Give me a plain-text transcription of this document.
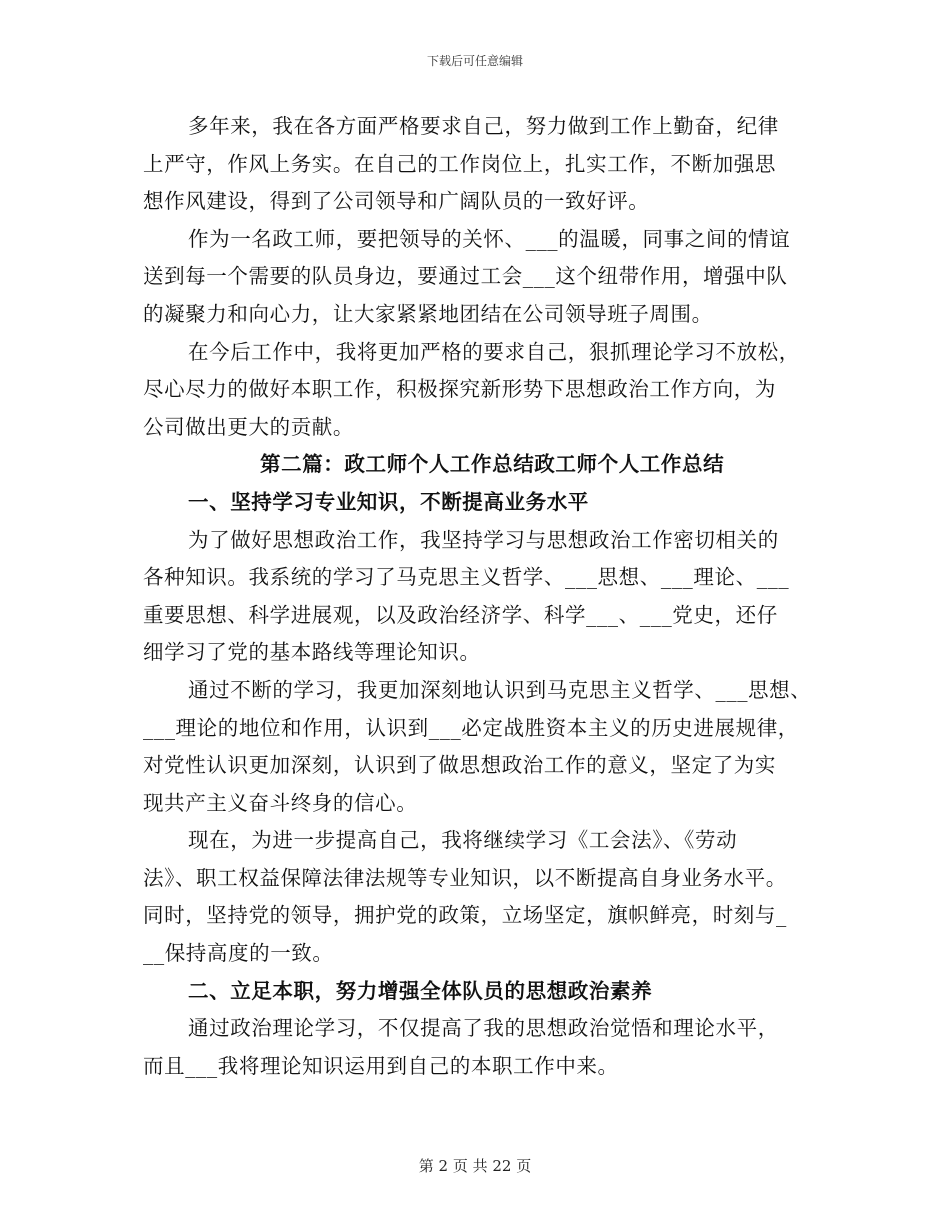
下载后可任意编辑

多年来，我在各方面严格要求自己，努力做到工作上勤奋，纪律
上严守，作风上务实。在自己的工作岗位上，扎实工作，不断加强思
想作风建设，得到了公司领导和广阔队员的一致好评。

作为一名政工师，要把领导的关怀、___的温暖，同事之间的情谊
送到每一个需要的队员身边，要通过工会___这个纽带作用，增强中队
的凝聚力和向心力，让大家紧紧地团结在公司领导班子周围。

在今后工作中，我将更加严格的要求自己，狠抓理论学习不放松，
尽心尽力的做好本职工作，积极探究新形势下思想政治工作方向，为
公司做出更大的贡献。

第二篇：政工师个人工作总结政工师个人工作总结
一、坚持学习专业知识，不断提高业务水平

为了做好思想政治工作，我坚持学习与思想政治工作密切相关的
各种知识。我系统的学习了马克思主义哲学、___思想、___理论、___
重要思想、科学进展观，以及政治经济学、科学___、___党史，还仔
细学习了党的基本路线等理论知识。

通过不断的学习，我更加深刻地认识到马克思主义哲学、___思想、
___理论的地位和作用，认识到___必定战胜资本主义的历史进展规律，
对党性认识更加深刻，认识到了做思想政治工作的意义，坚定了为实
现共产主义奋斗终身的信心。

现在，为进一步提高自己，我将继续学习《工会法》、《劳动
法》、职工权益保障法律法规等专业知识，以不断提高自身业务水平。
同时，坚持党的领导，拥护党的政策，立场坚定，旗帜鲜亮，时刻与_
__保持高度的一致。

二、立足本职，努力增强全体队员的思想政治素养

通过政治理论学习，不仅提高了我的思想政治觉悟和理论水平，
而且___我将理论知识运用到自己的本职工作中来。

第 2 页 共 22 页
